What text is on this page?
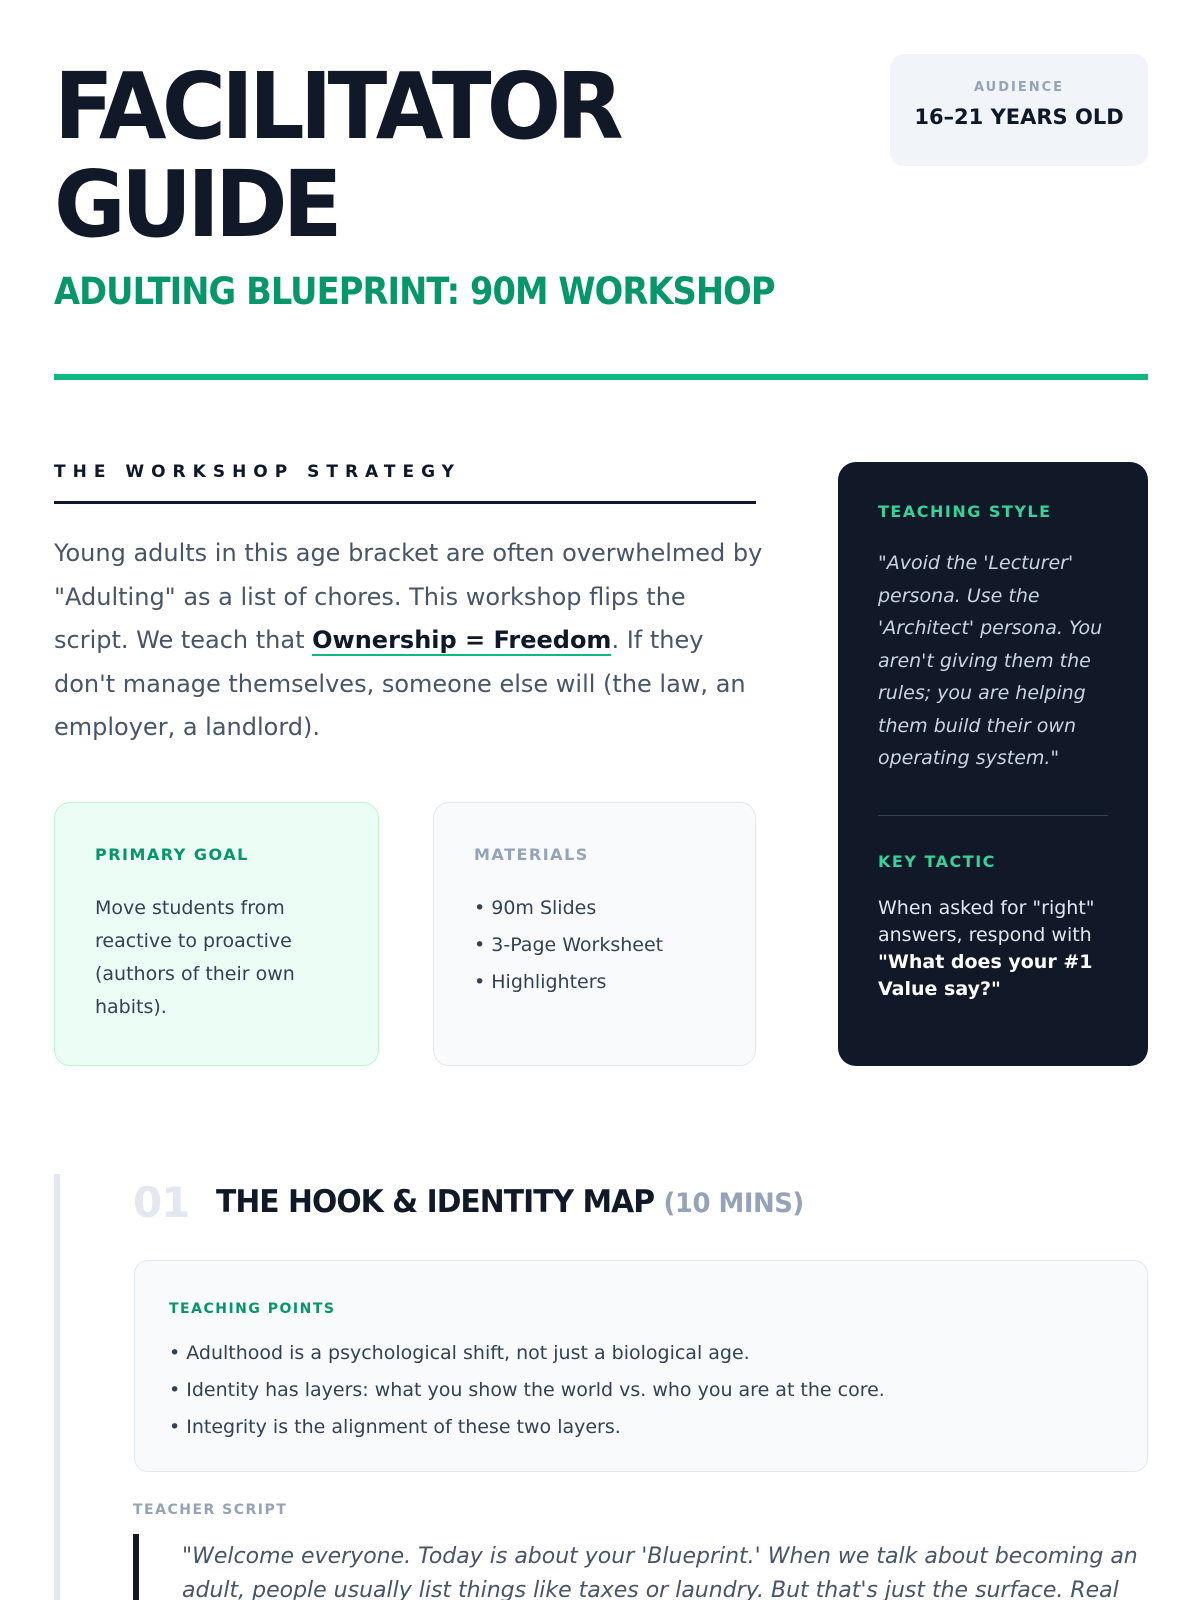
FACILITATOR
GUIDE
AUDIENCE
16–21 YEARS OLD
ADULTING BLUEPRINT: 90M WORKSHOP
THE WORKSHOP STRATEGY

Young adults in this age bracket are often overwhelmed by "Adulting" as a list of chores. This workshop flips the script. We teach that Ownership = Freedom. If they don't manage themselves, someone else will (the law, an employer, a landlord).

PRIMARY GOAL

Move students from reactive to proactive (authors of their own habits).

MATERIALS
• 90m Slides
• 3-Page Worksheet
• Highlighters
TEACHING STYLE

"Avoid the 'Lecturer' persona. Use the 'Architect' persona. You aren't giving them the rules; you are helping them build their own operating system."

KEY TACTIC

When asked for "right" answers, respond with
"What does your #1 Value say?"

01 THE HOOK & IDENTITY MAP (10 MINS)
TEACHING POINTS
• Adulthood is a psychological shift, not just a biological age.
• Identity has layers: what you show the world vs. who you are at the core.
• Integrity is the alignment of these two layers.
TEACHER SCRIPT

"Welcome everyone. Today is about your 'Blueprint.' When we talk about becoming an adult, people usually list things like taxes or laundry. But that's just the surface. Real
